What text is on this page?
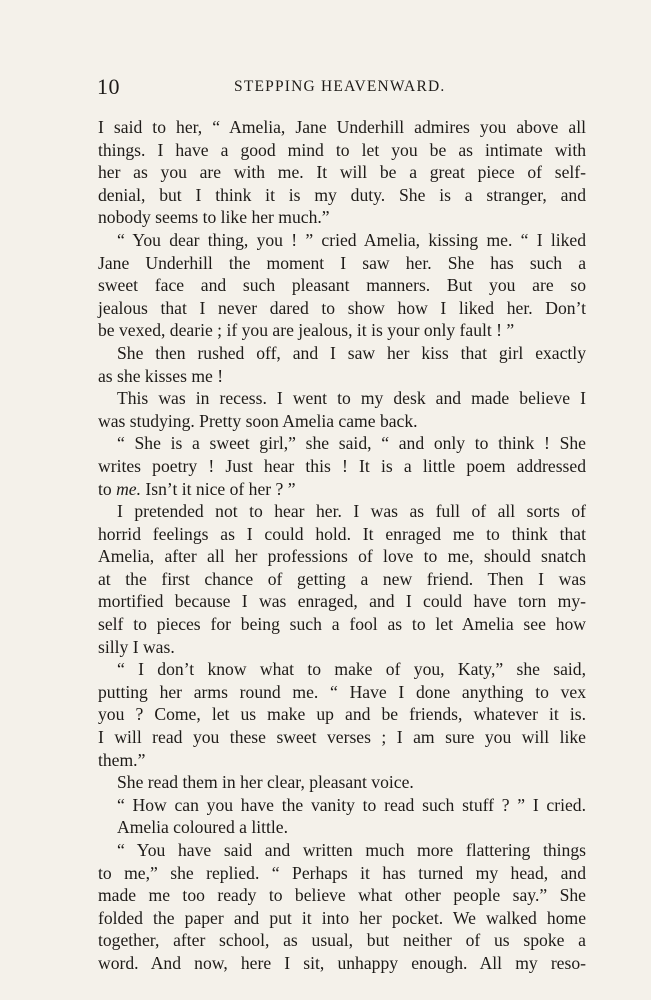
10	STEPPING HEAVENWARD.
I said to her, “ Amelia, Jane Underhill admires you above all
things. I have a good mind to let you be as intimate with
her as you are with me. It will be a great piece of self-
denial, but I think it is my duty. She is a stranger, and
nobody seems to like her much.”
“ You dear thing, you ! ” cried Amelia, kissing me. “ I liked
Jane Underhill the moment I saw her. She has such a
sweet face and such pleasant manners. But you are so
jealous that I never dared to show how I liked her. Don’t
be vexed, dearie ; if you are jealous, it is your only fault ! ”
She then rushed off, and I saw her kiss that girl exactly
as she kisses me !
This was in recess. I went to my desk and made believe I
was studying. Pretty soon Amelia came back.
“ She is a sweet girl,” she said, “ and only to think ! She
writes poetry ! Just hear this ! It is a little poem addressed
to me. Isn’t it nice of her ? ”
I pretended not to hear her. I was as full of all sorts of
horrid feelings as I could hold. It enraged me to think that
Amelia, after all her professions of love to me, should snatch
at the first chance of getting a new friend. Then I was
mortified because I was enraged, and I could have torn my-
self to pieces for being such a fool as to let Amelia see how
silly I was.
“ I don’t know what to make of you, Katy,” she said,
putting her arms round me. “ Have I done anything to vex
you ? Come, let us make up and be friends, whatever it is.
I will read you these sweet verses ; I am sure you will like
them.”
She read them in her clear, pleasant voice.
“ How can you have the vanity to read such stuff ? ” I cried.
Amelia coloured a little.
“ You have said and written much more flattering things
to me,” she replied. “ Perhaps it has turned my head, and
made me too ready to believe what other people say.” She
folded the paper and put it into her pocket. We walked home
together, after school, as usual, but neither of us spoke a
word. And now, here I sit, unhappy enough. All my reso-
